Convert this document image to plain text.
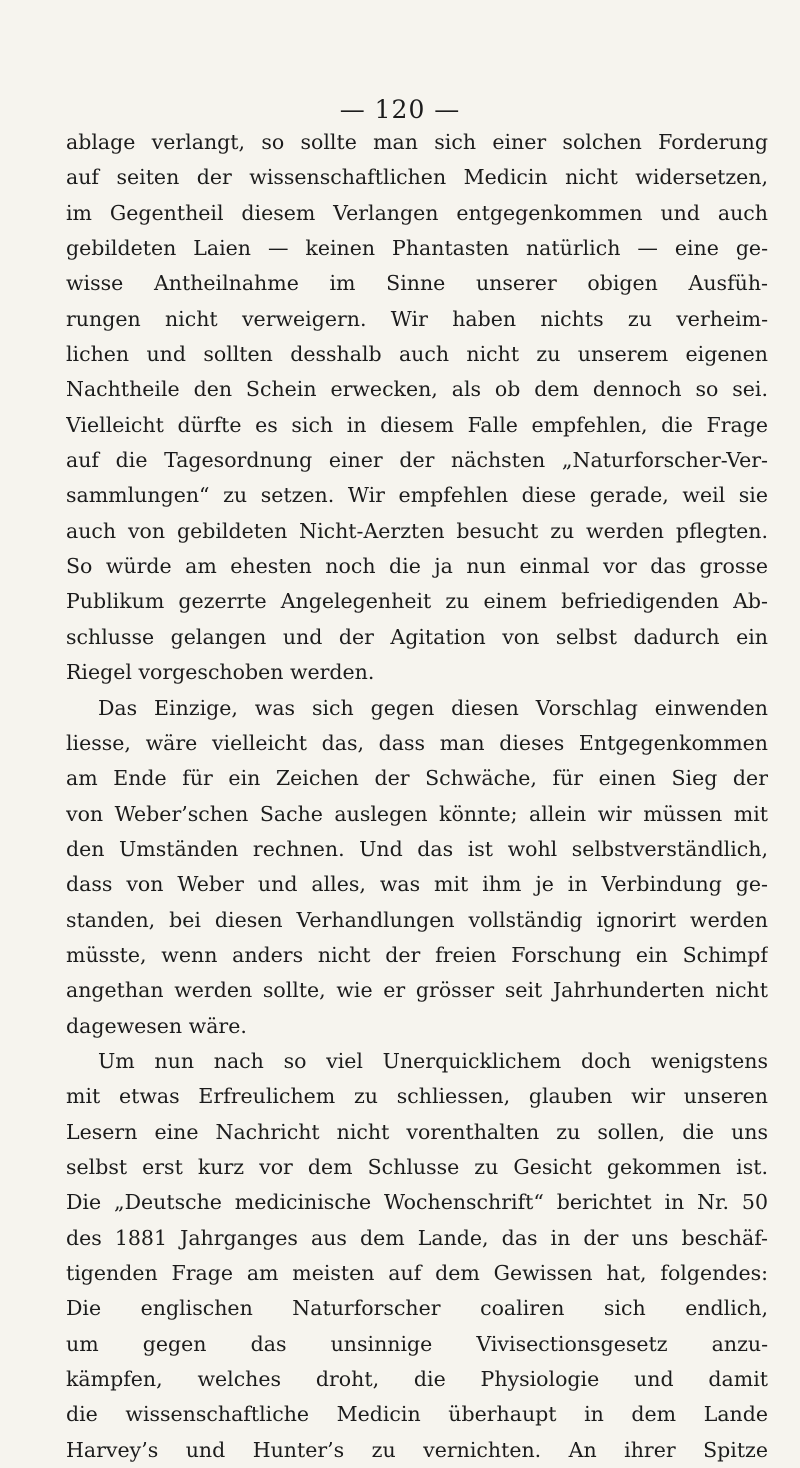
— 120 —
ablage verlangt, so sollte man sich einer solchen Forderung
auf seiten der wissenschaftlichen Medicin nicht widersetzen,
im Gegentheil diesem Verlangen entgegenkommen und auch
gebildeten Laien — keinen Phantasten natürlich — eine ge-
wisse Antheilnahme im Sinne unserer obigen Ausfüh-
rungen nicht verweigern. Wir haben nichts zu verheim-
lichen und sollten desshalb auch nicht zu unserem eigenen
Nachtheile den Schein erwecken, als ob dem dennoch so sei.
Vielleicht dürfte es sich in diesem Falle empfehlen, die Frage
auf die Tagesordnung einer der nächsten „Naturforscher-Ver-
sammlungen“ zu setzen. Wir empfehlen diese gerade, weil sie
auch von gebildeten Nicht-Aerzten besucht zu werden pflegten.
So würde am ehesten noch die ja nun einmal vor das grosse
Publikum gezerrte Angelegenheit zu einem befriedigenden Ab-
schlusse gelangen und der Agitation von selbst dadurch ein
Riegel vorgeschoben werden.
Das Einzige, was sich gegen diesen Vorschlag einwenden
liesse, wäre vielleicht das, dass man dieses Entgegenkommen
am Ende für ein Zeichen der Schwäche, für einen Sieg der
von Weber’schen Sache auslegen könnte; allein wir müssen mit
den Umständen rechnen. Und das ist wohl selbstverständlich,
dass von Weber und alles, was mit ihm je in Verbindung ge-
standen, bei diesen Verhandlungen vollständig ignorirt werden
müsste, wenn anders nicht der freien Forschung ein Schimpf
angethan werden sollte, wie er grösser seit Jahrhunderten nicht
dagewesen wäre.
Um nun nach so viel Unerquicklichem doch wenigstens
mit etwas Erfreulichem zu schliessen, glauben wir unseren
Lesern eine Nachricht nicht vorenthalten zu sollen, die uns
selbst erst kurz vor dem Schlusse zu Gesicht gekommen ist.
Die „Deutsche medicinische Wochenschrift“ berichtet in Nr. 50
des 1881 Jahrganges aus dem Lande, das in der uns beschäf-
tigenden Frage am meisten auf dem Gewissen hat, folgendes:
Die englischen Naturforscher coaliren sich endlich,
um gegen das unsinnige Vivisectionsgesetz anzu-
kämpfen, welches droht, die Physiologie und damit
die wissenschaftliche Medicin überhaupt in dem Lande
Harvey’s und Hunter’s zu vernichten. An ihrer Spitze
